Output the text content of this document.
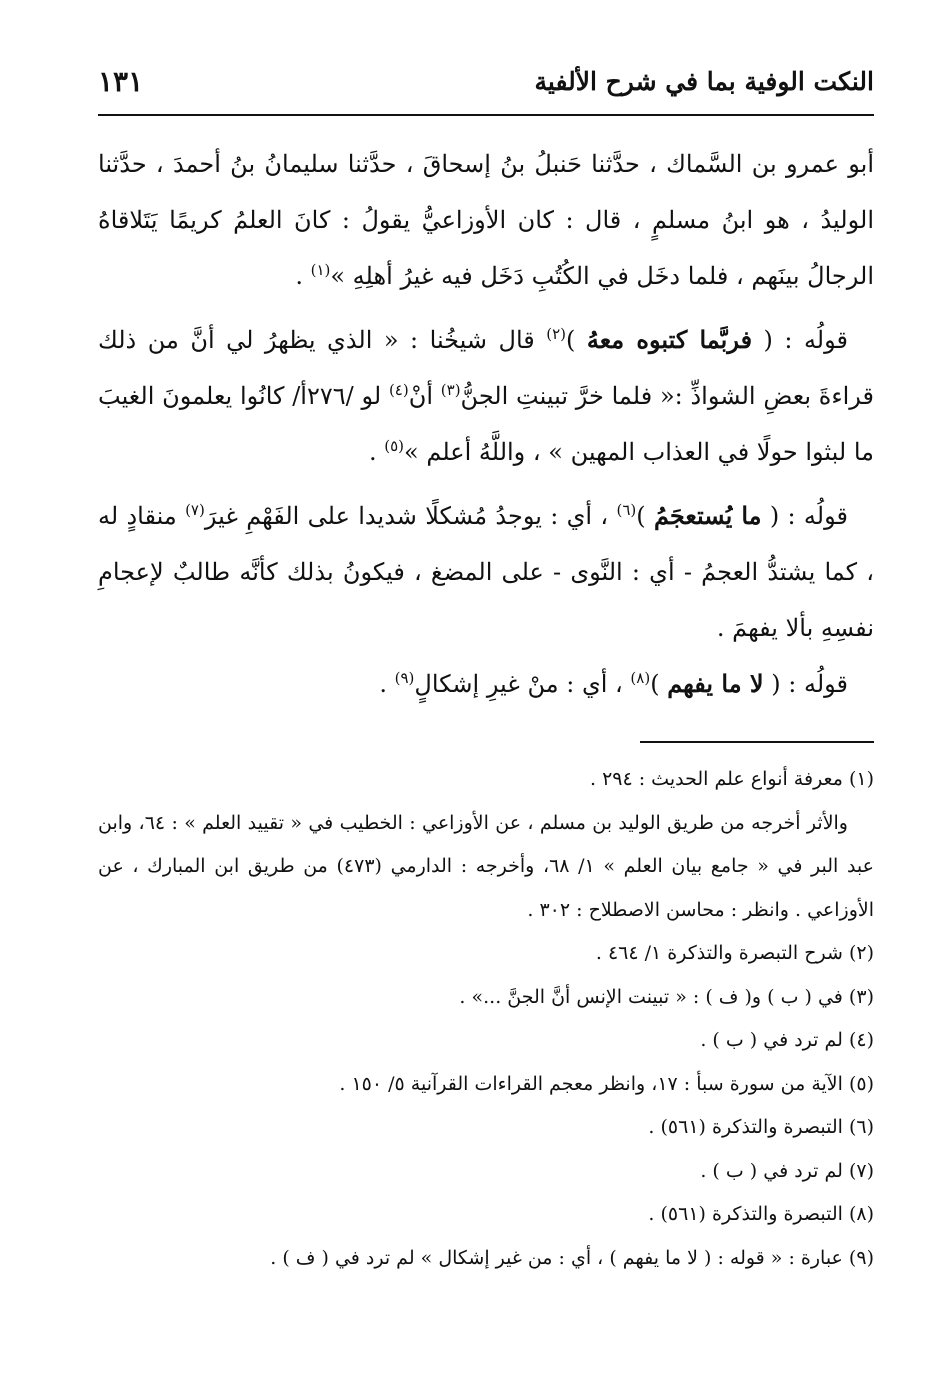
النكت الوفية بما في شرح الألفية
١٣١

أبو عمرو بن السَّماك ، حدَّثنا حَنبلُ بنُ إسحاقَ ، حدَّثنا سليمانُ بنُ أحمدَ ، حدَّثنا الوليدُ ، هو ابنُ مسلمٍ ، قال : كان الأوزاعيُّ يقولُ : كانَ العلمُ كريمًا يَتَلاقاهُ الرجالُ بينَهم ، فلما دخَل في الكُتُبِ دَخَل فيه غيرُ أهلِهِ »$^{(١)}$ .

قولُه : ( فربَّما كتبوه معهُ )$^{(٢)}$ قال شيخُنا : « الذي يظهرُ لي أنَّ من ذلك قراءةَ بعضِ الشواذِّ :« فلما خرَّ تبينتِ الجنُّ$^{(٣)}$ أنْ$^{(٤)}$ لو /٢٧٦أ/ كانُوا يعلمونَ الغيبَ ما لبثوا حولًا في العذاب المهين » ، واللَّهُ أعلم »$^{(٥)}$ .

قولُه : ( ما يُستعجَمُ )$^{(٦)}$ ، أي : يوجدُ مُشكلًا شديدا على الفَهْمِ غيرَ$^{(٧)}$ منقادٍ له ، كما يشتدُّ العجمُ - أي : النَّوى - على المضغ ، فيكونُ بذلك كأنَّه طالبٌ لإعجامِ نفسِهِ بألا يفهمَ .

قولُه : ( لا ما يفهم )$^{(٨)}$ ، أي : منْ غيرِ إشكالٍ$^{(٩)}$ .

(١) معرفة أنواع علم الحديث : ٢٩٤ .

والأثر أخرجه من طريق الوليد بن مسلم ، عن الأوزاعي : الخطيب في « تقييد العلم » : ٦٤، وابن عبد البر في « جامع بيان العلم » ١/ ٦٨، وأخرجه : الدارمي (٤٧٣) من طريق ابن المبارك ، عن الأوزاعي . وانظر : محاسن الاصطلاح : ٣٠٢ .

(٢) شرح التبصرة والتذكرة ١/ ٤٦٤ .

(٣) في ( ب ) و( ف ) : « تبينت الإنس أنَّ الجنَّ ...» .

(٤) لم ترد في ( ب ) .

(٥) الآية من سورة سبأ : ١٧، وانظر معجم القراءات القرآنية ٥/ ١٥٠ .

(٦) التبصرة والتذكرة (٥٦١) .

(٧) لم ترد في ( ب ) .

(٨) التبصرة والتذكرة (٥٦١) .

(٩) عبارة : « قوله : ( لا ما يفهم ) ، أي : من غير إشكال » لم ترد في ( ف ) .
